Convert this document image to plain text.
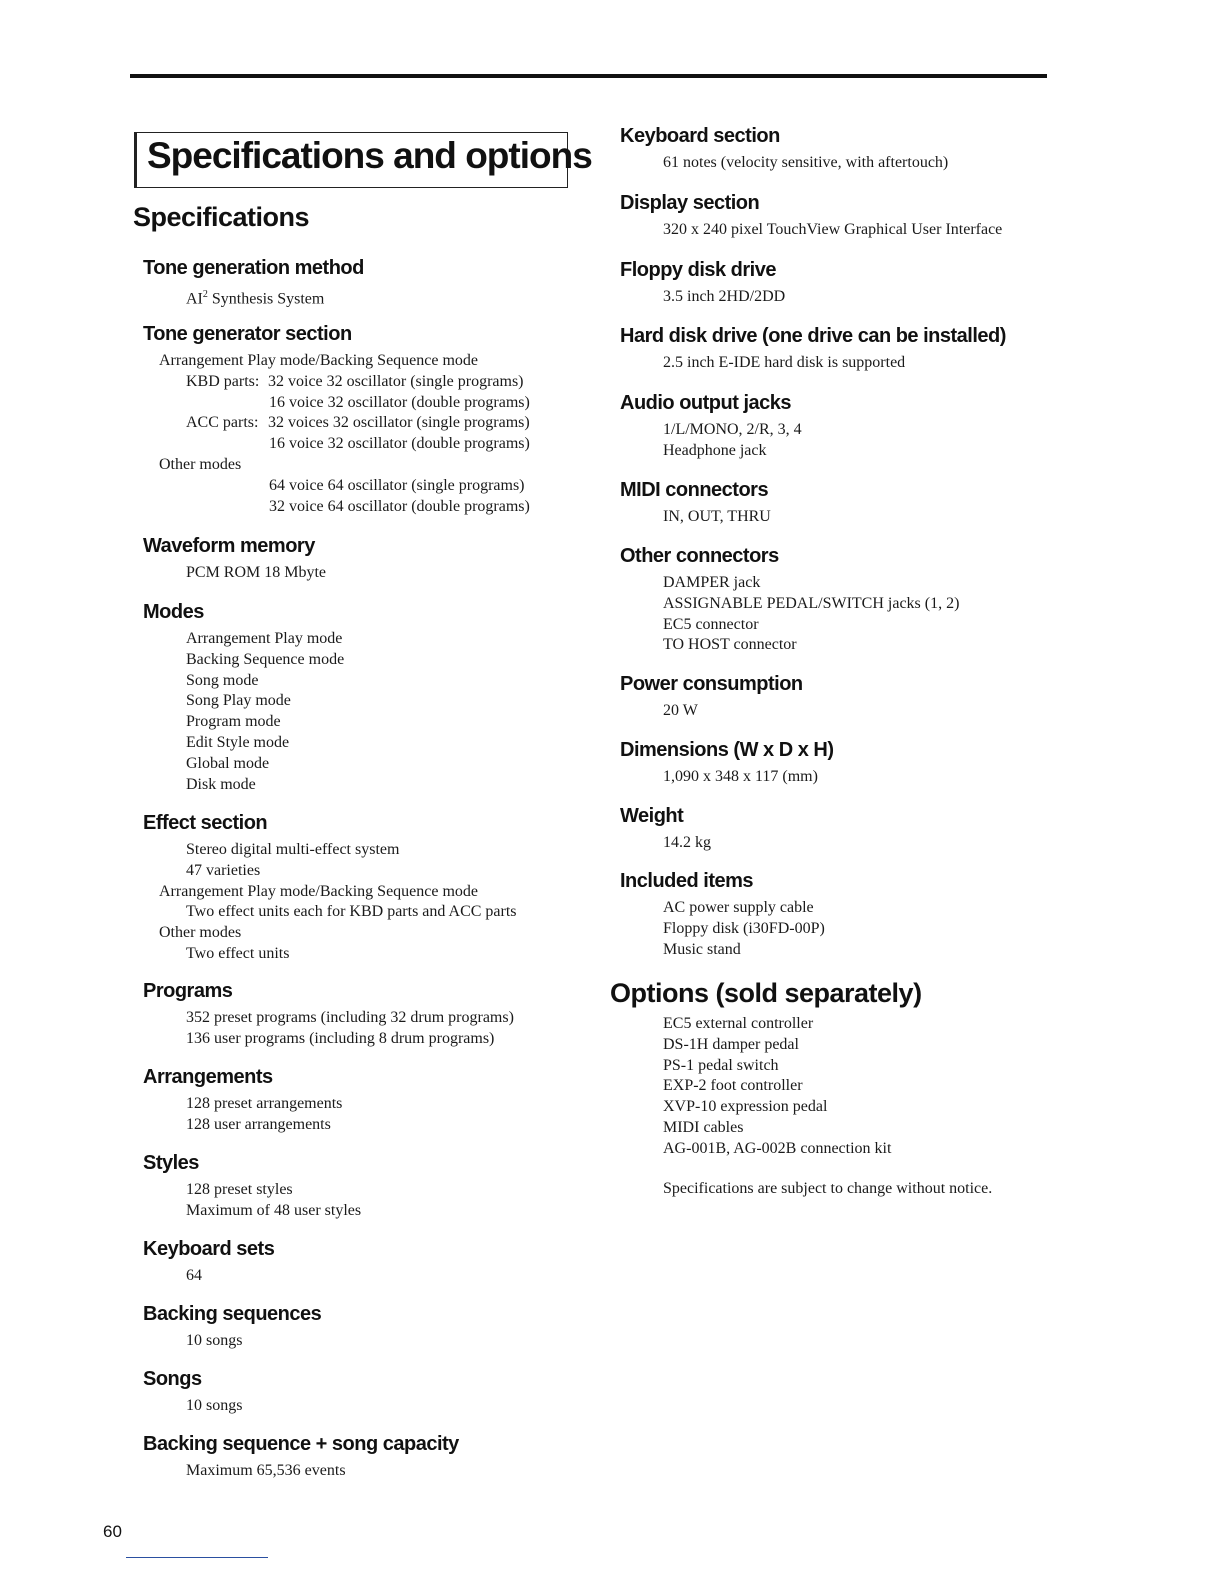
Specifications and options
Specifications
Tone generation method
$AI^2$ Synthesis System
Tone generator section
Arrangement Play mode/Backing Sequence mode
KBD parts: 32 voice 32 oscillator (single programs)
16 voice 32 oscillator (double programs)
ACC parts: 32 voices 32 oscillator (single programs)
16 voice 32 oscillator (double programs)
Other modes
64 voice 64 oscillator (single programs)
32 voice 64 oscillator (double programs)
Waveform memory
PCM ROM 18 Mbyte
Modes
Arrangement Play mode
Backing Sequence mode
Song mode
Song Play mode
Program mode
Edit Style mode
Global mode
Disk mode
Effect section
Stereo digital multi-effect system
47 varieties
Arrangement Play mode/Backing Sequence mode
Two effect units each for KBD parts and ACC parts
Other modes
Two effect units
Programs
352 preset programs (including 32 drum programs)
136 user programs (including 8 drum programs)
Arrangements
128 preset arrangements
128 user arrangements
Styles
128 preset styles
Maximum of 48 user styles
Keyboard sets
64
Backing sequences
10 songs
Songs
10 songs
Backing sequence + song capacity
Maximum 65,536 events
Keyboard section
61 notes (velocity sensitive, with aftertouch)
Display section
320 x 240 pixel TouchView Graphical User Interface
Floppy disk drive
3.5 inch 2HD/2DD
Hard disk drive (one drive can be installed)
2.5 inch E-IDE hard disk is supported
Audio output jacks
1/L/MONO, 2/R, 3, 4
Headphone jack
MIDI connectors
IN, OUT, THRU
Other connectors
DAMPER jack
ASSIGNABLE PEDAL/SWITCH jacks (1, 2)
EC5 connector
TO HOST connector
Power consumption
20 W
Dimensions (W x D x H)
1,090 x 348 x 117 (mm)
Weight
14.2 kg
Included items
AC power supply cable
Floppy disk (i30FD-00P)
Music stand
Options (sold separately)
EC5 external controller
DS-1H damper pedal
PS-1 pedal switch
EXP-2 foot controller
XVP-10 expression pedal
MIDI cables
AG-001B, AG-002B connection kit
Specifications are subject to change without notice.
60
